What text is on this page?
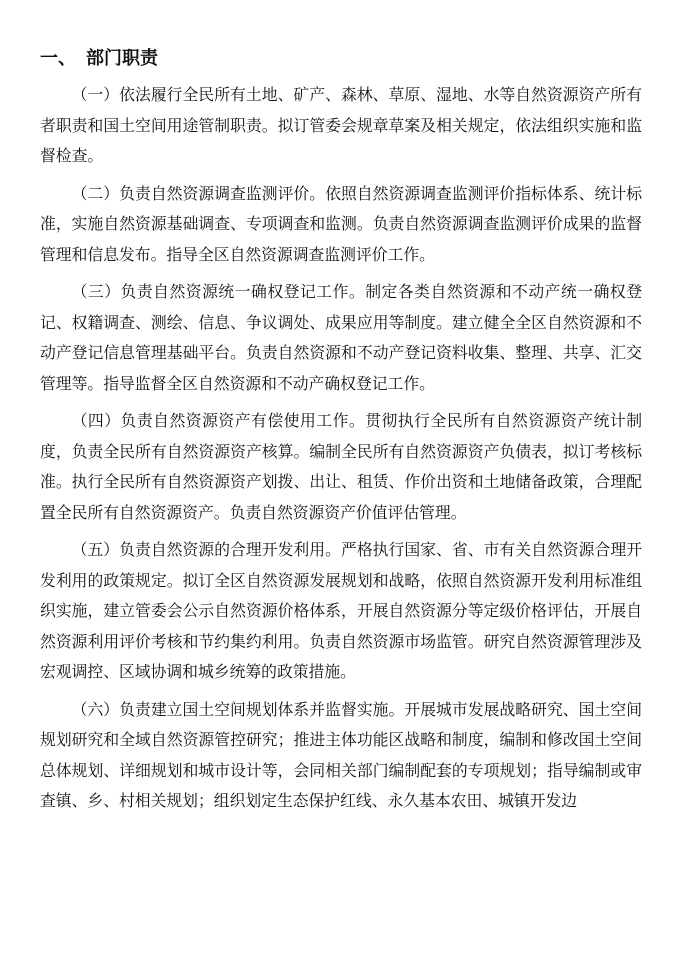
一、 部门职责

（一）依法履行全民所有土地、矿产、森林、草原、湿地、水等自然资源资产所有者职责和国土空间用途管制职责。拟订管委会规章草案及相关规定，依法组织实施和监督检查。

（二）负责自然资源调查监测评价。依照自然资源调查监测评价指标体系、统计标准，实施自然资源基础调查、专项调查和监测。负责自然资源调查监测评价成果的监督管理和信息发布。指导全区自然资源调查监测评价工作。

（三）负责自然资源统一确权登记工作。制定各类自然资源和不动产统一确权登记、权籍调查、测绘、信息、争议调处、成果应用等制度。建立健全全区自然资源和不动产登记信息管理基础平台。负责自然资源和不动产登记资料收集、整理、共享、汇交管理等。指导监督全区自然资源和不动产确权登记工作。

（四）负责自然资源资产有偿使用工作。贯彻执行全民所有自然资源资产统计制度，负责全民所有自然资源资产核算。编制全民所有自然资源资产负债表，拟订考核标准。执行全民所有自然资源资产划拨、出让、租赁、作价出资和土地储备政策，合理配置全民所有自然资源资产。负责自然资源资产价值评估管理。

（五）负责自然资源的合理开发利用。严格执行国家、省、市有关自然资源合理开发利用的政策规定。拟订全区自然资源发展规划和战略，依照自然资源开发利用标准组织实施，建立管委会公示自然资源价格体系，开展自然资源分等定级价格评估，开展自然资源利用评价考核和节约集约利用。负责自然资源市场监管。研究自然资源管理涉及宏观调控、区域协调和城乡统筹的政策措施。

（六）负责建立国土空间规划体系并监督实施。开展城市发展战略研究、国土空间规划研究和全域自然资源管控研究；推进主体功能区战略和制度，编制和修改国土空间总体规划、详细规划和城市设计等，会同相关部门编制配套的专项规划；指导编制或审查镇、乡、村相关规划；组织划定生态保护红线、永久基本农田、城镇开发边
